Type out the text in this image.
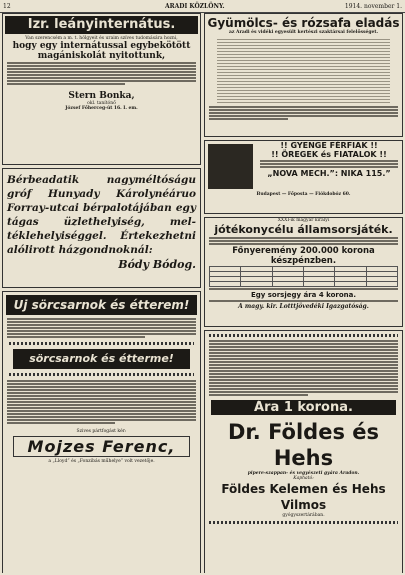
12	ARADI KÖZLÖNY.	1914. november 1.
Izr. leányinternátus.
Van szerencsém a m. t. hölgyeit és uraim szíves tudomására hozni,
hogy egy internátussal egybekötött
magániskolát nyitottunk,
Stern Bonka,
okl. tanítónő
József Főherceg-út 16. I. em.
Bérbeadatik nagyméltóságu gróf Hunyady Károlynéáruo Forray-utcai bérpalotájában egy tágas üzlethelyiség, mel-téklehelyiséggel. Értekezhetni alólirott házgondnoknál:
Bódy Bódog.
Uj sörcsarnok és étterem!
sörcsarnok és étterme!
Szives pártfogást kér:
Mojzes Ferenc,
a „Lloyd” és „Fonzibás műhelye” volt vezetője.
Gyümölcs- és rózsafa eladás
az Aradi és vidéki egyesült kertészi szaktársai felelősséget.
!! GYENGE FÉRFIAK !!
!! ÖREGEK és FIATALOK !!
„NOVA MECH.”: NIKA 115.”
Budapest — Főposta — Fiókdobóz 60.
XXXI-ik magyar királyi
jótékonycélu államsorsjáték.
Főnyeremény 200.000 korona készpénzben.

Egy sorsjegy ára 4 korona.
A magy. kir. Lotttjövedéki Igazgatóság.
Ára 1 korona.
Dr. Földes és Hehs
pipere-szappan- és vegyészeti gyára Aradon.
Kapható:
Földes Kelemen és Hehs Vilmos
gyógyszertárában.
